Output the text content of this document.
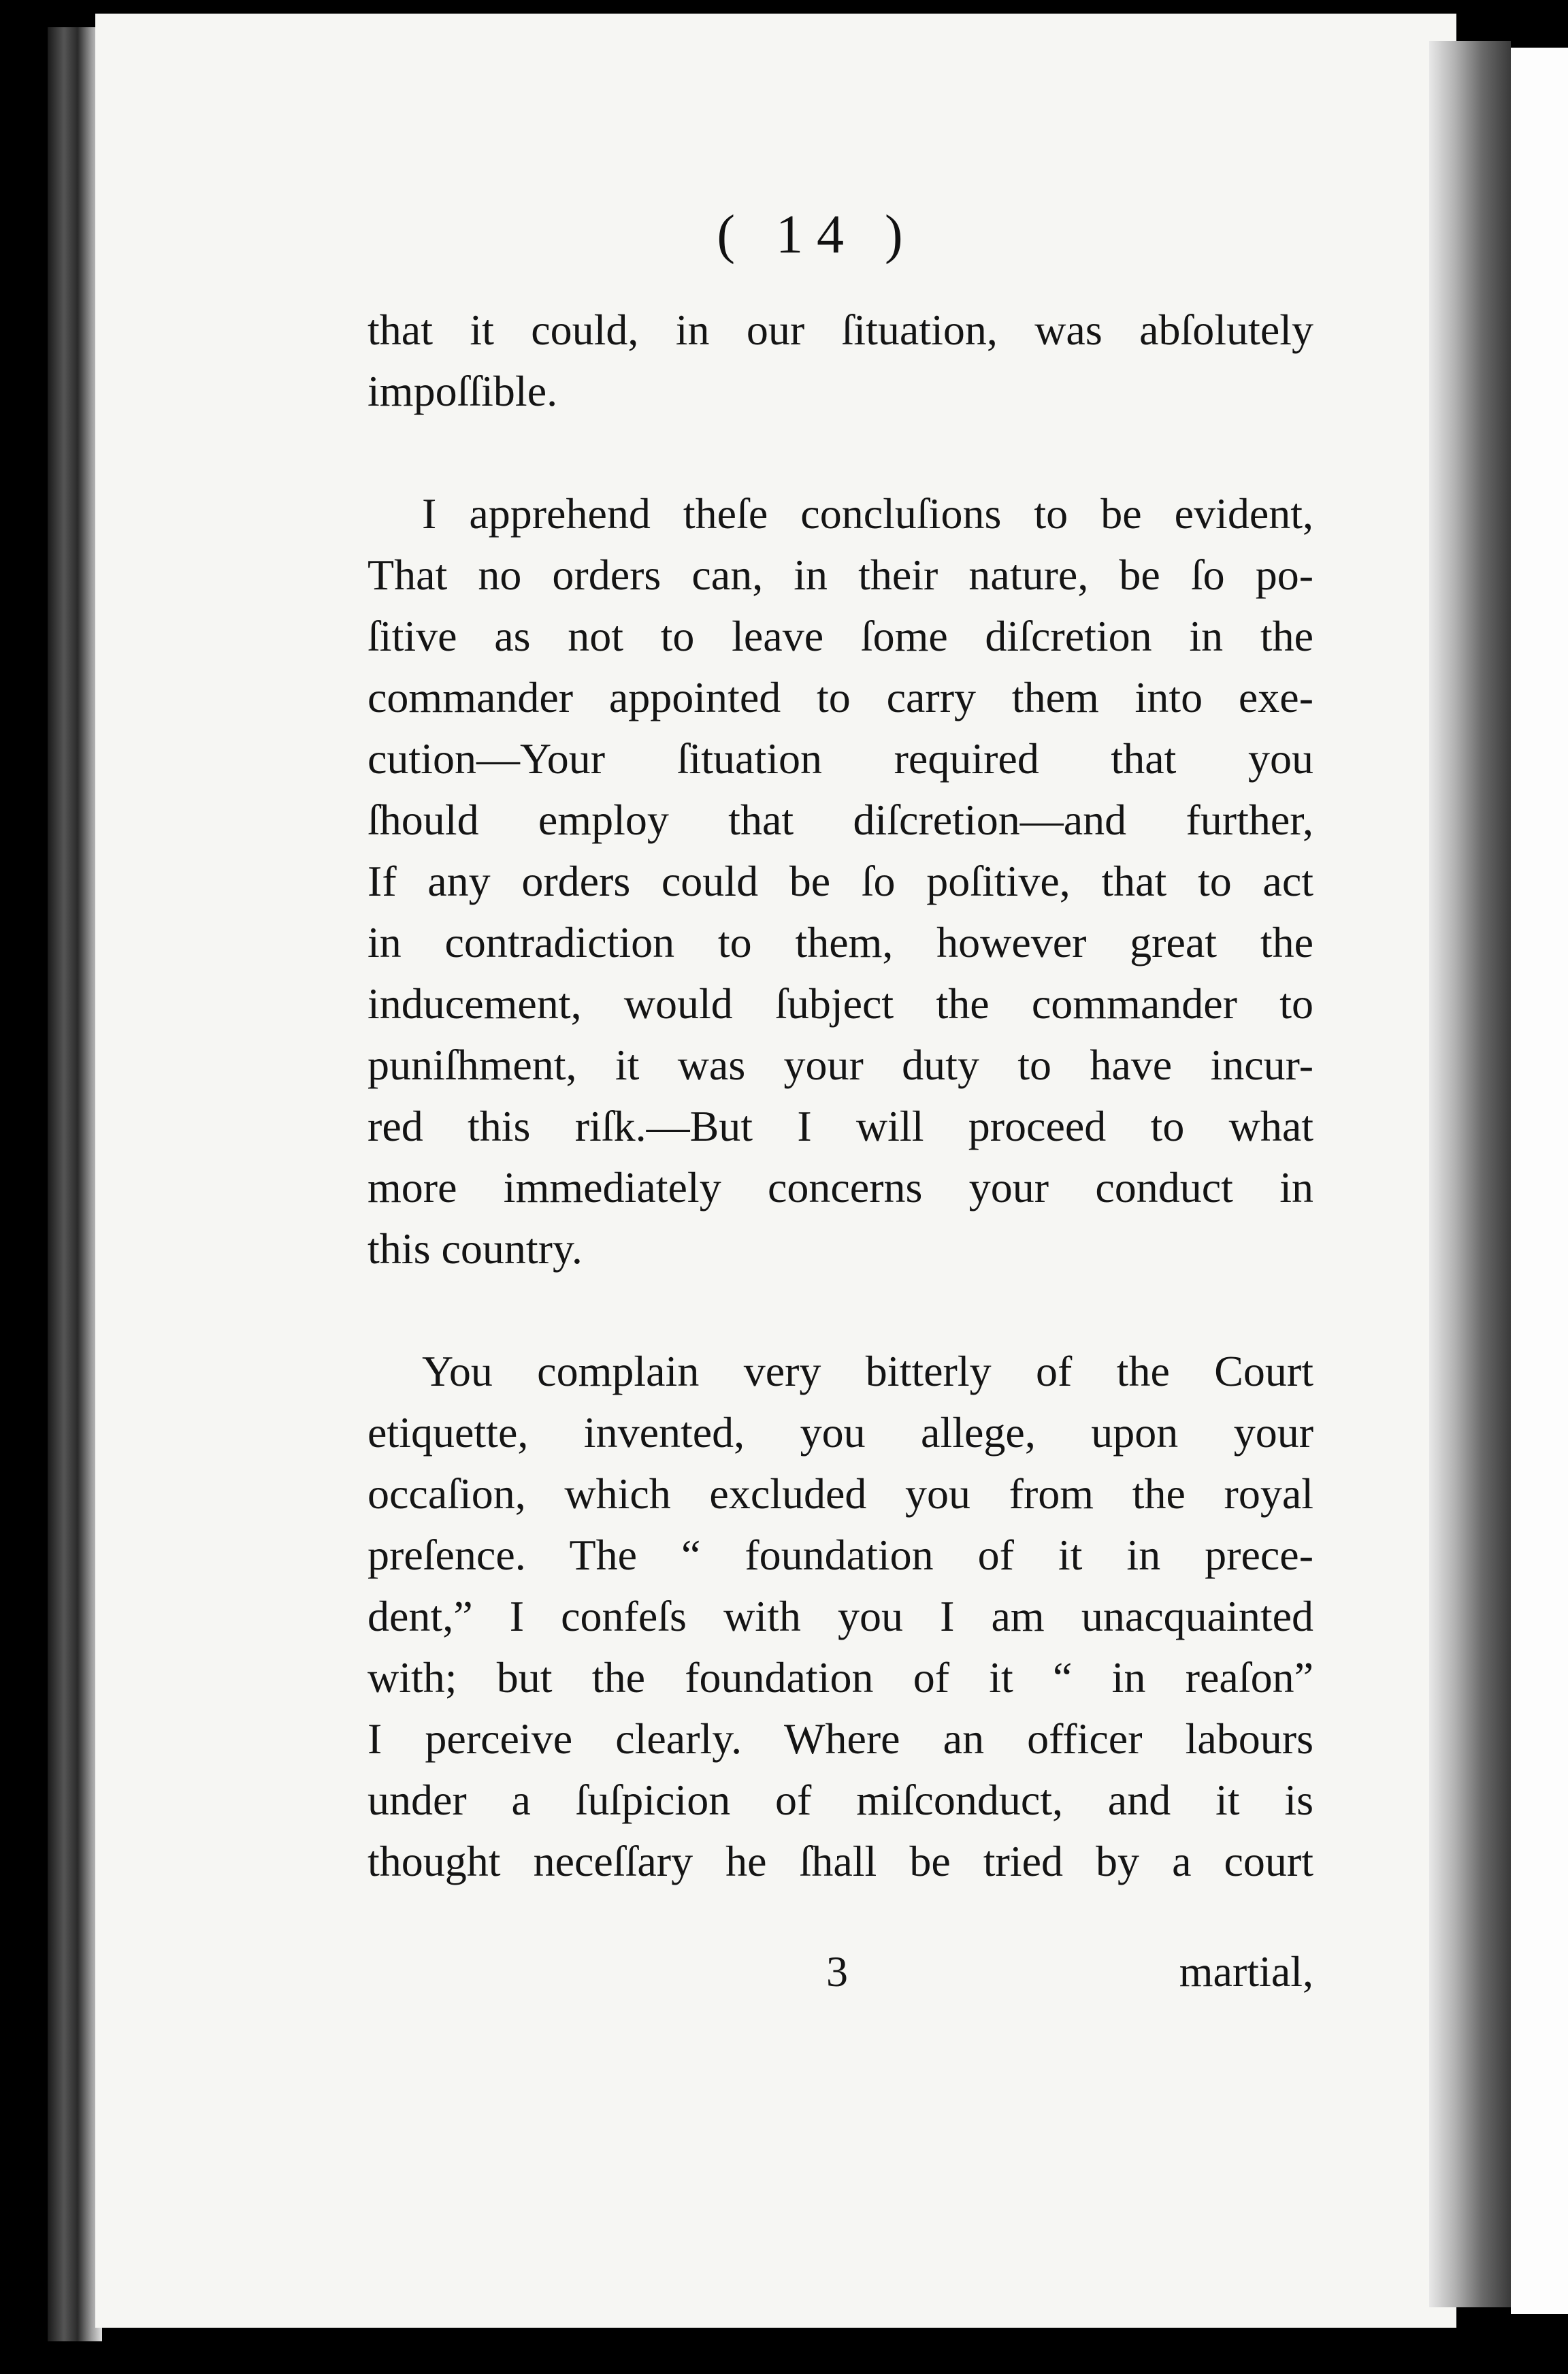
( 14 )

that it could, in our ſituation, was abſolutely
impoſſible.

I apprehend theſe concluſions to be evident,
That no orders can, in their nature, be ſo po-
ſitive as not to leave ſome diſcretion in the
commander appointed to carry them into exe-
cution—Your ſituation required that you
ſhould employ that diſcretion—and further,
If any orders could be ſo poſitive, that to act
in contradiction to them, however great the
inducement, would ſubject the commander to
puniſhment, it was your duty to have incur-
red this riſk.—But I will proceed to what
more immediately concerns your conduct in
this country.

You complain very bitterly of the Court
etiquette, invented, you allege, upon your
occaſion, which excluded you from the royal
preſence. The “ foundation of it in prece-
dent,” I confeſs with you I am unacquainted
with; but the foundation of it “ in reaſon”
I perceive clearly. Where an officer labours
under a ſuſpicion of miſconduct, and it is
thought neceſſary he ſhall be tried by a court

3	martial,
